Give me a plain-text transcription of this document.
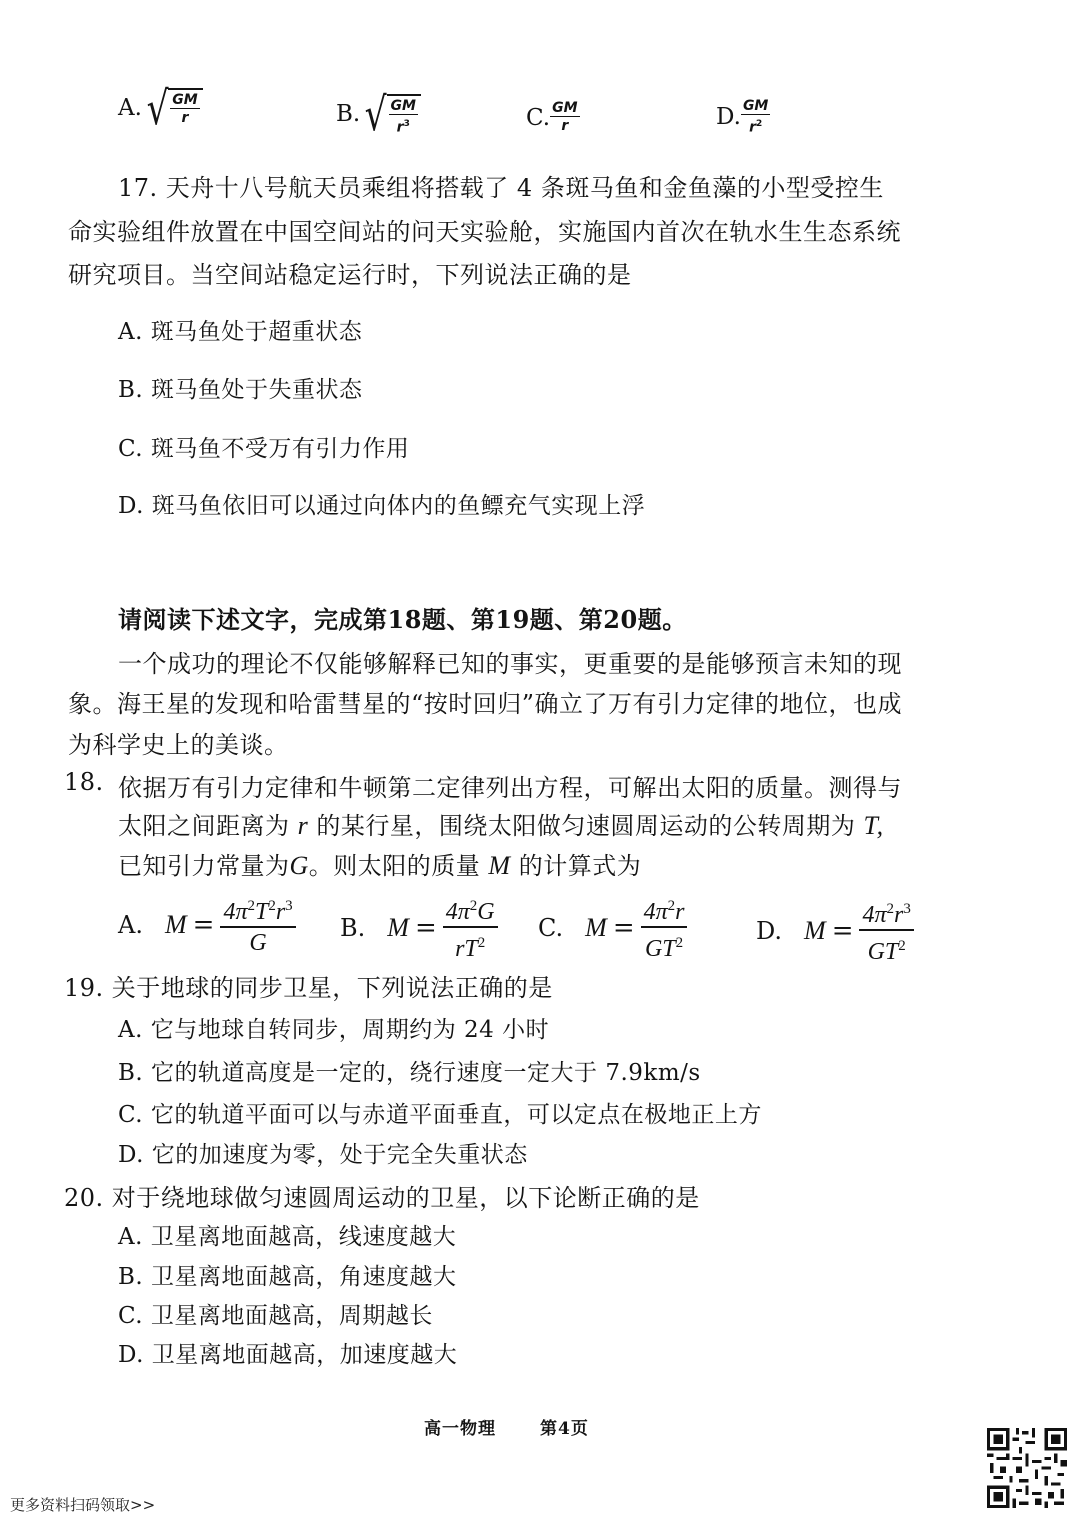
A. √ $\frac{GM}{r}$	B. √ $\frac{GM}{r^3}$	C. $\frac{GM}{r}$	D. $\frac{GM}{r^2}$
17. 天舟十八号航天员乘组将搭载了 4 条斑马鱼和金鱼藻的小型受控生
命实验组件放置在中国空间站的问天实验舱，实施国内首次在轨水生生态系统
研究项目。当空间站稳定运行时，下列说法正确的是
A. 斑马鱼处于超重状态
B. 斑马鱼处于失重状态
C. 斑马鱼不受万有引力作用
D. 斑马鱼依旧可以通过向体内的鱼鳔充气实现上浮
请阅读下述文字，完成第18题、第19题、第20题。
一个成功的理论不仅能够解释已知的事实，更重要的是能够预言未知的现
象。海王星的发现和哈雷彗星的“按时回归”确立了万有引力定律的地位，也成
为科学史上的美谈。
18. 依据万有引力定律和牛顿第二定律列出方程，可解出太阳的质量。测得与
太阳之间距离为 r 的某行星，围绕太阳做匀速圆周运动的公转周期为 T,
已知引力常量为G。则太阳的质量 M 的计算式为
A. $M = \frac{4\pi^2T^2r^3}{G} B$. $M = \frac{4\pi^2G}{rT^2} C$. $M = \frac{4\pi^2r}{GT^2}$	D. $M = \frac{4\pi^2r^3}{GT^2}$
19. 关于地球的同步卫星，下列说法正确的是
A. 它与地球自转同步，周期约为 24 小时
B. 它的轨道高度是一定的，绕行速度一定大于 7.9km/s
C. 它的轨道平面可以与赤道平面垂直，可以定点在极地正上方
D. 它的加速度为零，处于完全失重状态
20. 对于绕地球做匀速圆周运动的卫星，以下论断正确的是
A. 卫星离地面越高，线速度越大
B. 卫星离地面越高，角速度越大
C. 卫星离地面越高，周期越长
D. 卫星离地面越高，加速度越大
高一物理	第4页
更多资料扫码领取>>
